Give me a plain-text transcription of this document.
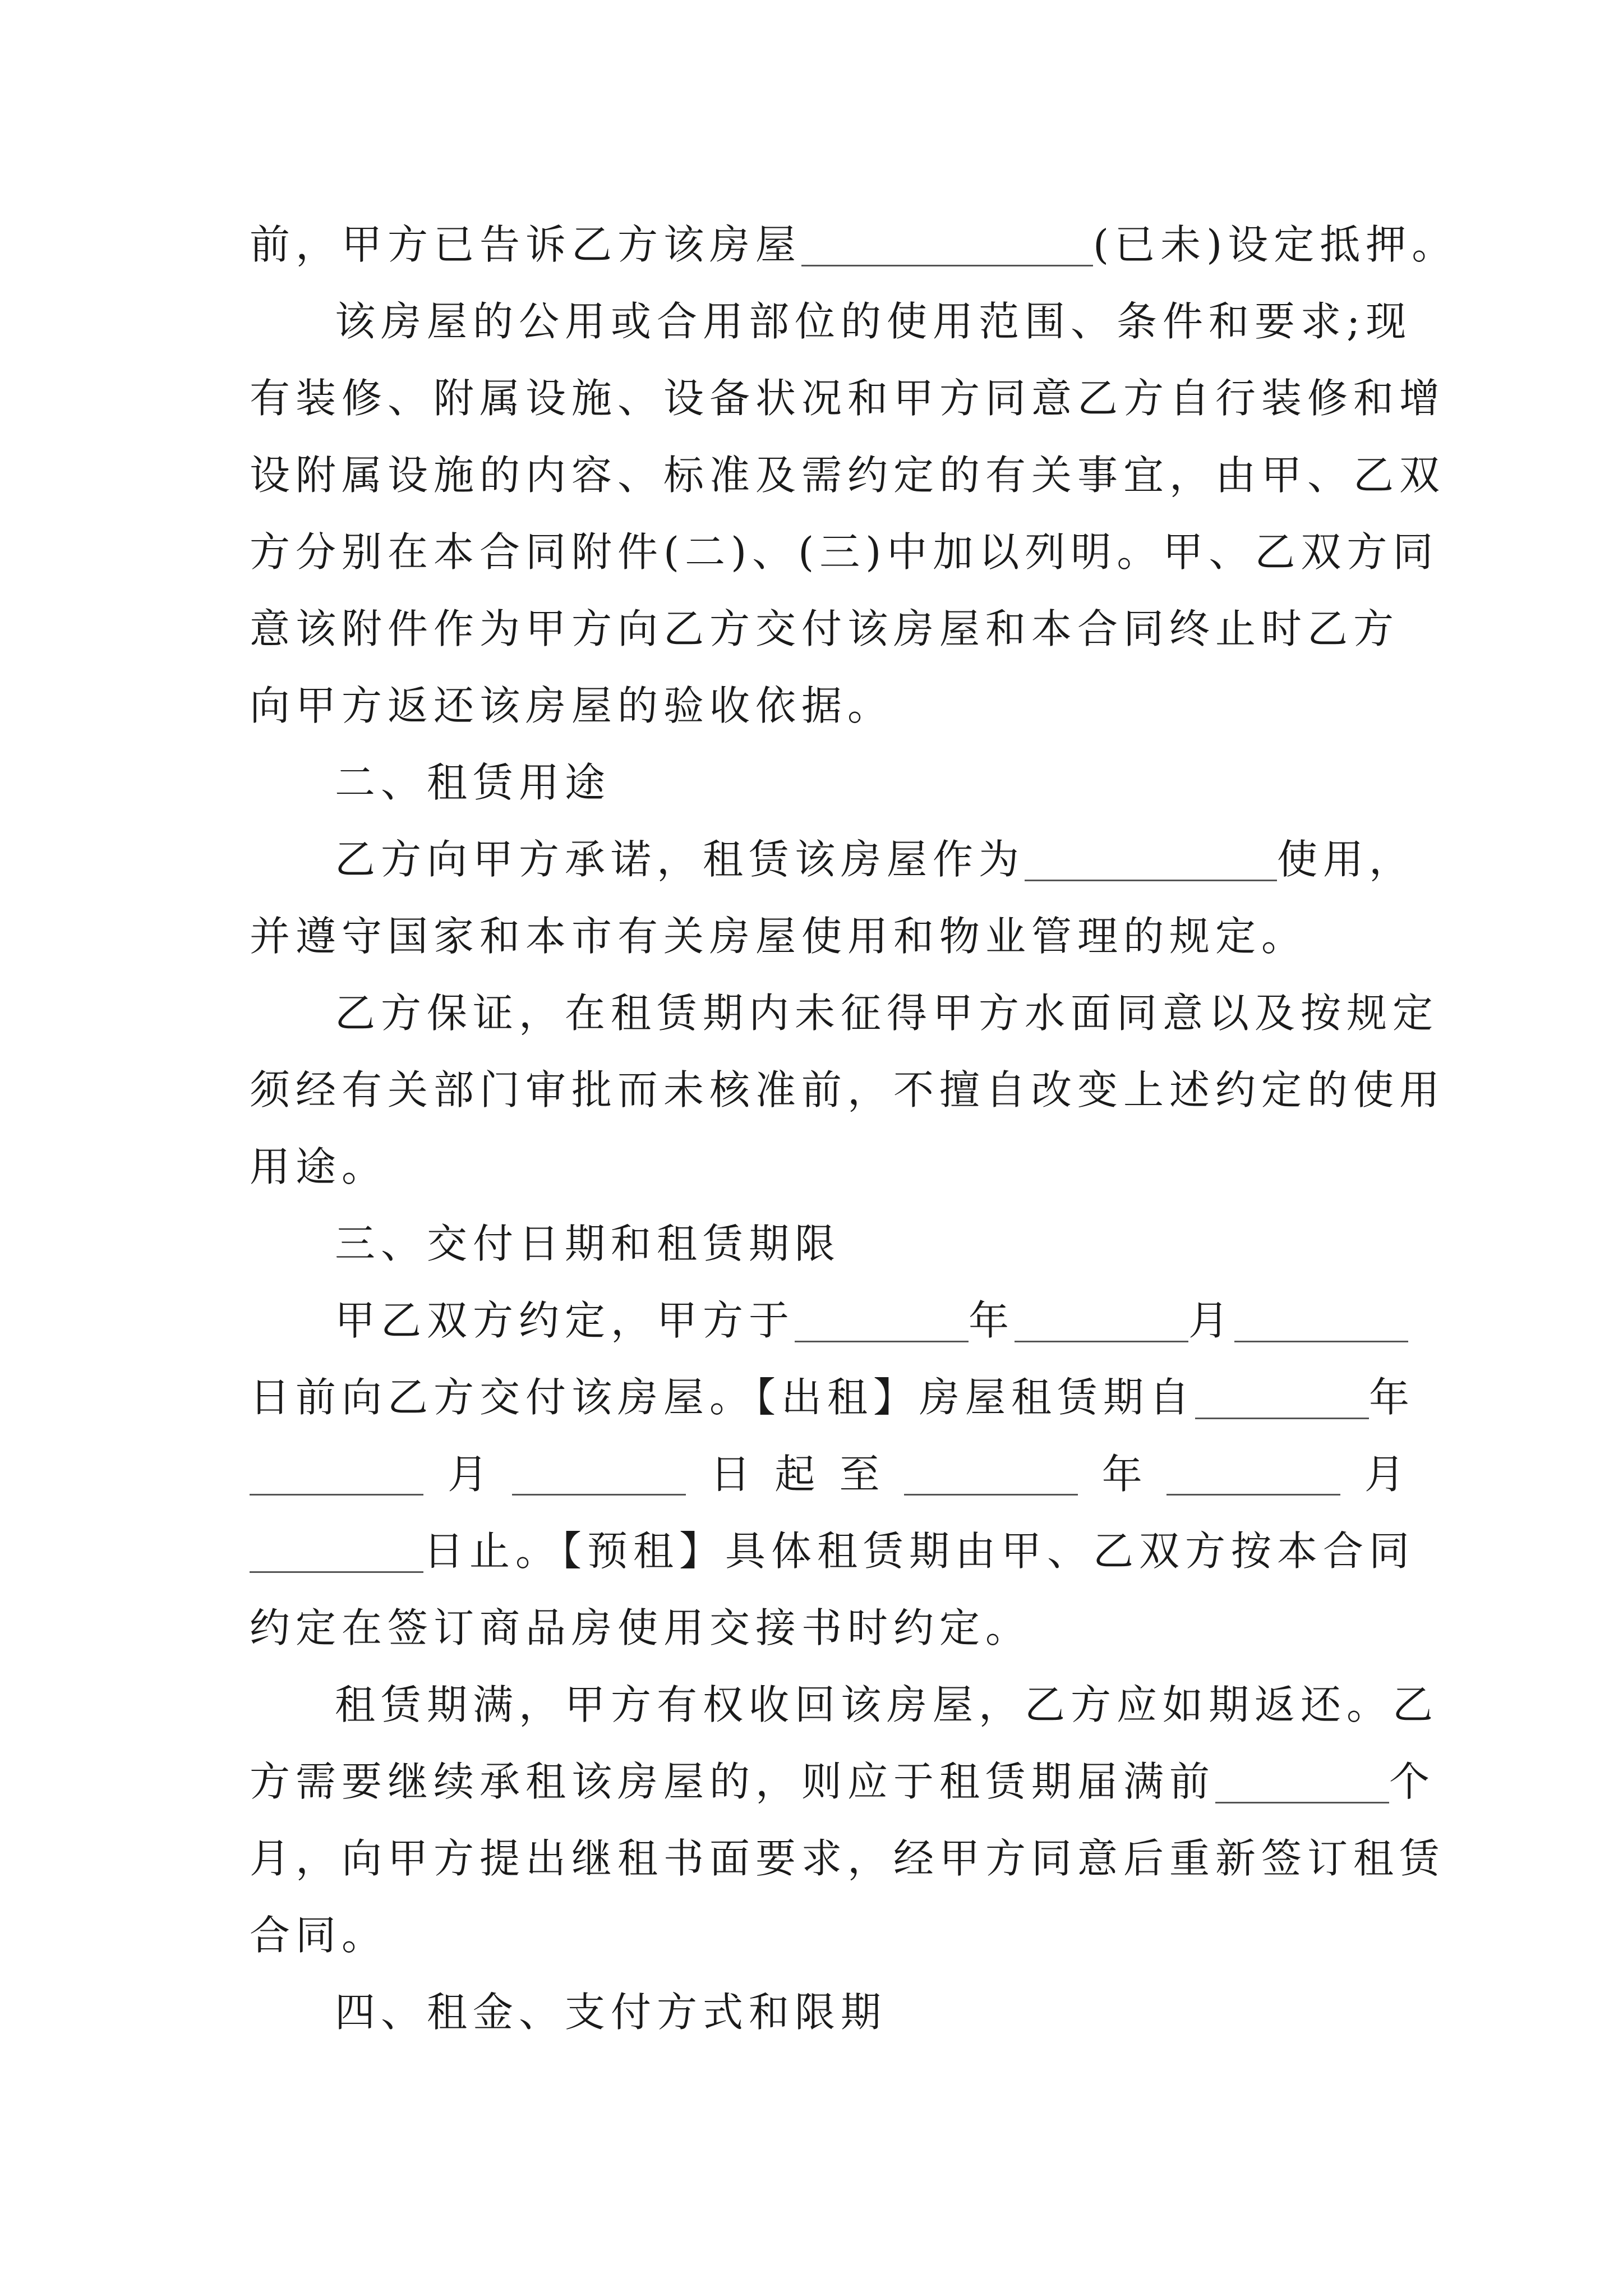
前，甲方已告诉乙方该房屋	(已未)设定抵押。
该房屋的公用或合用部位的使用范围、条件和要求;现
有装修、附属设施、设备状况和甲方同意乙方自行装修和增
设附属设施的内容、标准及需约定的有关事宜，由甲、乙双
方分别在本合同附件(二)、(三)中加以列明。甲、乙双方同
意该附件作为甲方向乙方交付该房屋和本合同终止时乙方
向甲方返还该房屋的验收依据。
二、租赁用途
乙方向甲方承诺，租赁该房屋作为	使用，
并遵守国家和本市有关房屋使用和物业管理的规定。
乙方保证，在租赁期内未征得甲方水面同意以及按规定
须经有关部门审批而未核准前，不擅自改变上述约定的使用
用途。
三、交付日期和租赁期限
甲乙双方约定，甲方于	年	月
日前向乙方交付该房屋。【出租】房屋租赁期自	年
月	日 起 至	年	月
日止。【预租】具体租赁期由甲、乙双方按本合同
约定在签订商品房使用交接书时约定。
租赁期满，甲方有权收回该房屋，乙方应如期返还。乙
方需要继续承租该房屋的，则应于租赁期届满前	个
月，向甲方提出继租书面要求，经甲方同意后重新签订租赁
合同。
四、租金、支付方式和限期
